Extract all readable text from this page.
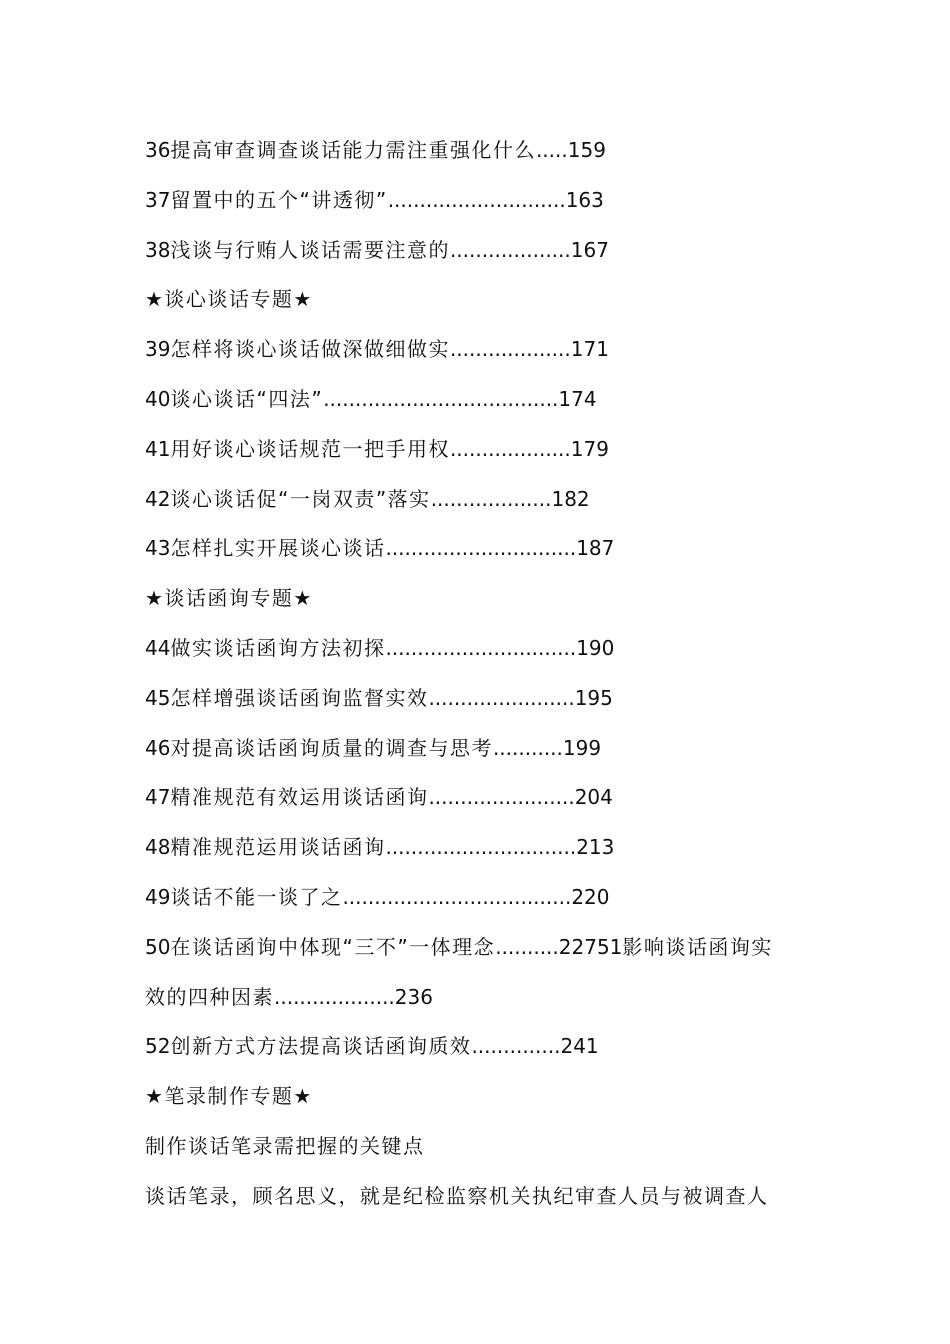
36提高审查调查谈话能力需注重强化什么.....159
37留置中的五个“讲透彻”............................163
38浅谈与行贿人谈话需要注意的...................167
★谈心谈话专题★
39怎样将谈心谈话做深做细做实...................171
40谈心谈话“四法”.....................................174
41用好谈心谈话规范一把手用权...................179
42谈心谈话促“一岗双责”落实...................182
43怎样扎实开展谈心谈话..............................187
★谈话函询专题★
44做实谈话函询方法初探..............................190
45怎样增强谈话函询监督实效.......................195
46对提高谈话函询质量的调查与思考...........199
47精准规范有效运用谈话函询.......................204
48精准规范运用谈话函询..............................213
49谈话不能一谈了之....................................220
50在谈话函询中体现“三不”一体理念..........22751影响谈话函询实
效的四种因素...................236
52创新方式方法提高谈话函询质效..............241
★笔录制作专题★
制作谈话笔录需把握的关键点
谈话笔录，顾名思义，就是纪检监察机关执纪审查人员与被调查人
